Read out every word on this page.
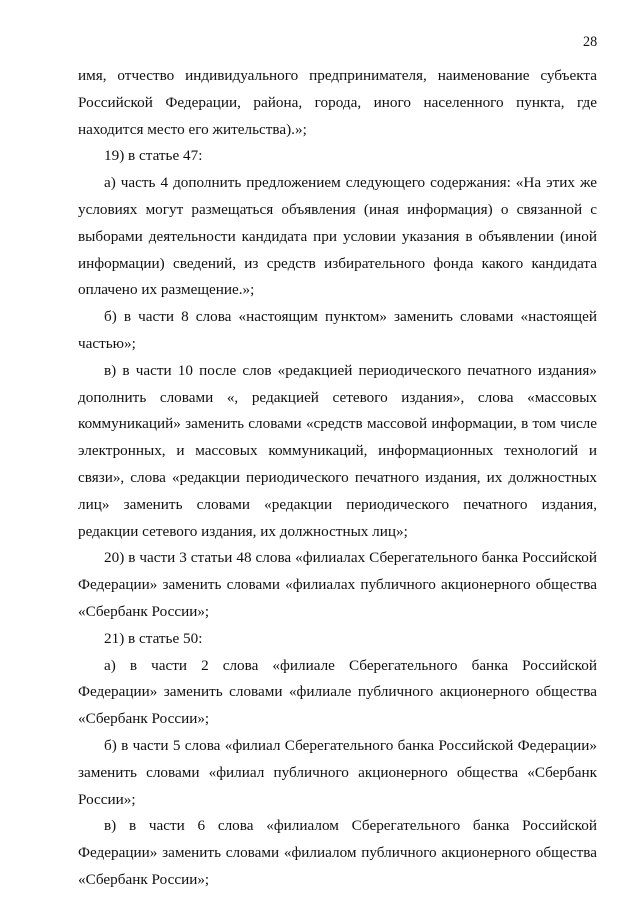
28

имя, отчество индивидуального предпринимателя, наименование субъекта
Российской Федерации, района, города, иного населенного пункта, где
находится место его жительства).»;

19) в статье 47:

а) часть 4 дополнить предложением следующего содержания: «На этих же
условиях могут размещаться объявления (иная информация) о связанной с
выборами деятельности кандидата при условии указания в объявлении (иной
информации) сведений, из средств избирательного фонда какого кандидата
оплачено их размещение.»;

б) в части 8 слова «настоящим пунктом» заменить словами «настоящей
частью»;

в) в части 10 после слов «редакцией периодического печатного издания»
дополнить словами «, редакцией сетевого издания», слова «массовых
коммуникаций» заменить словами «средств массовой информации, в том числе
электронных, и массовых коммуникаций, информационных технологий и
связи», слова «редакции периодического печатного издания, их должностных
лиц» заменить словами «редакции периодического печатного издания,
редакции сетевого издания, их должностных лиц»;

20) в части 3 статьи 48 слова «филиалах Сберегательного банка Российской
Федерации» заменить словами «филиалах публичного акционерного общества
«Сбербанк России»;

21) в статье 50:

а) в части 2 слова «филиале Сберегательного банка Российской
Федерации» заменить словами «филиале публичного акционерного общества
«Сбербанк России»;

б) в части 5 слова «филиал Сберегательного банка Российской Федерации»
заменить словами «филиал публичного акционерного общества «Сбербанк
России»;

в) в части 6 слова «филиалом Сберегательного банка Российской
Федерации» заменить словами «филиалом публичного акционерного общества
«Сбербанк России»;
